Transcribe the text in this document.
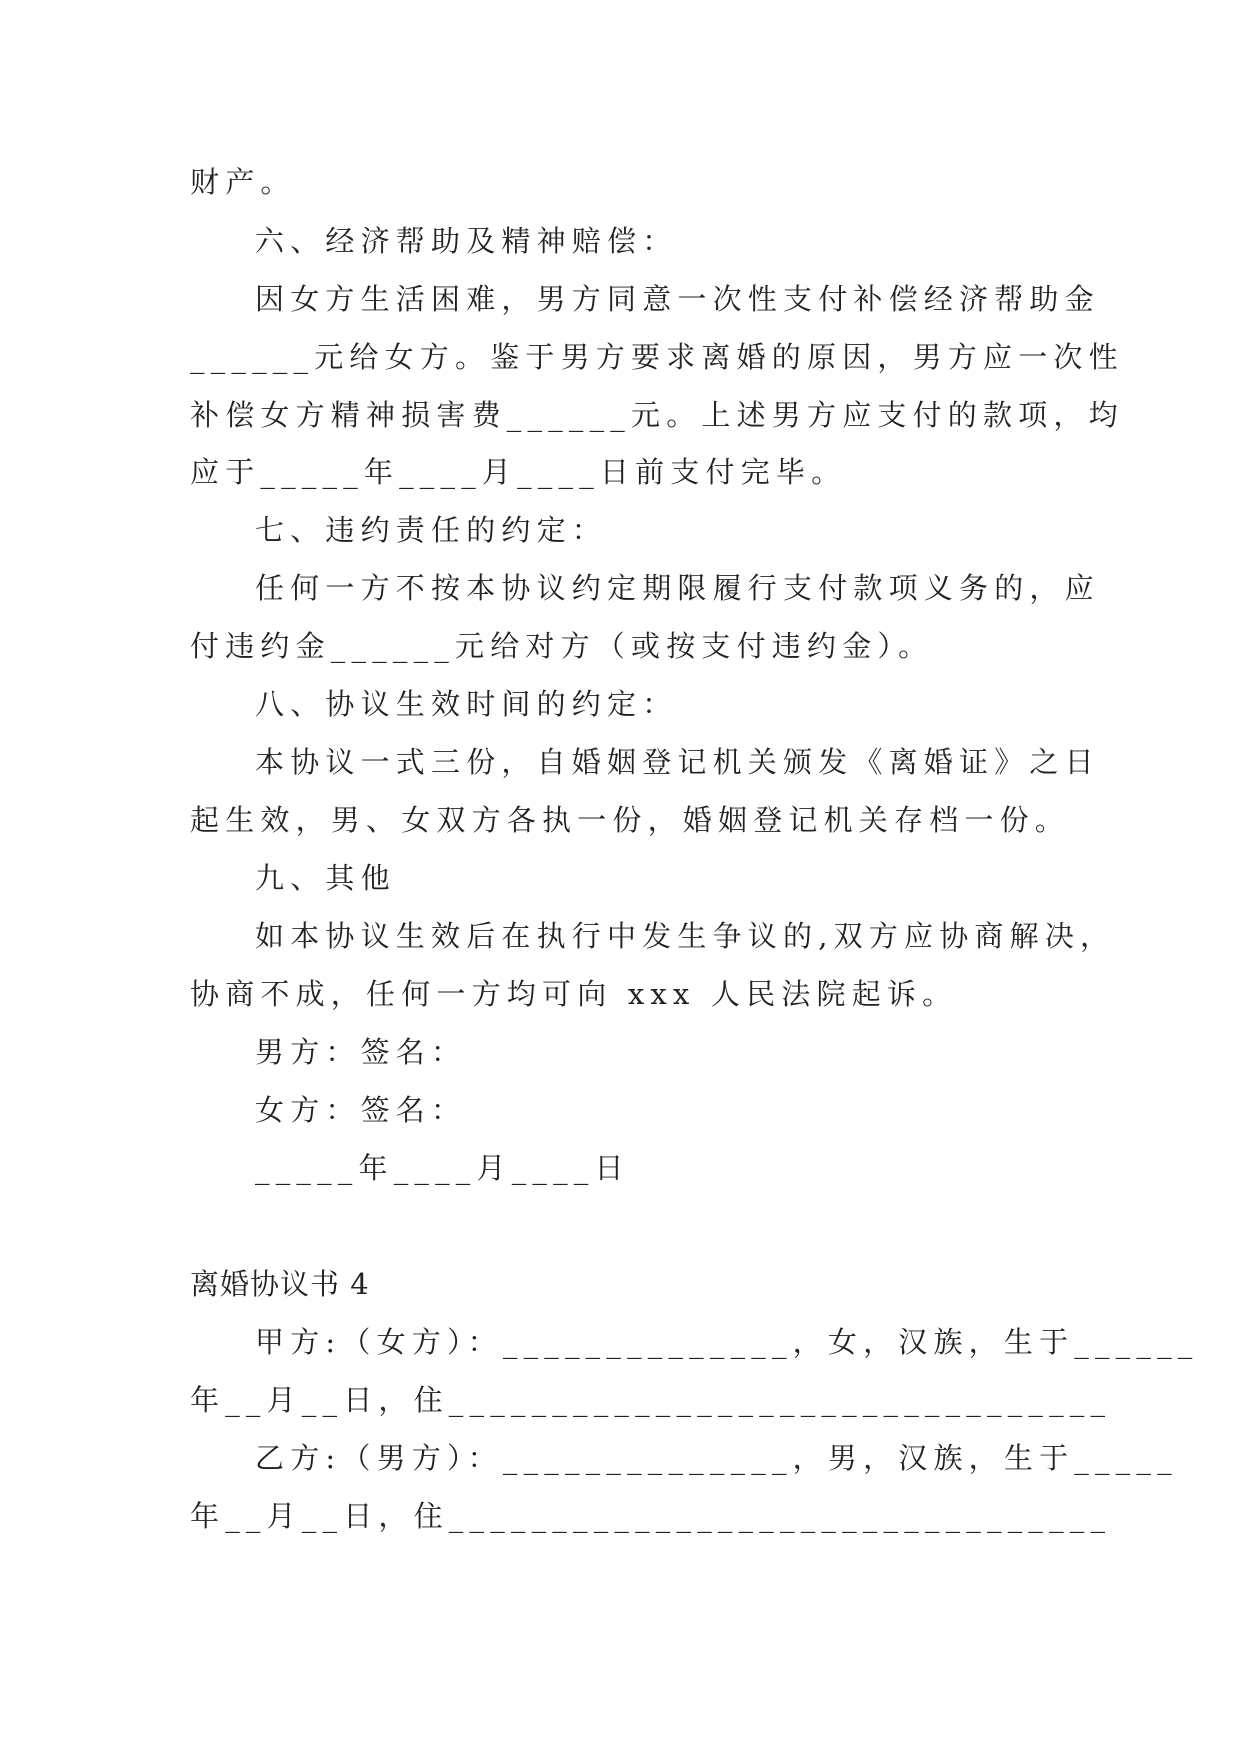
财产。
六、经济帮助及精神赔偿：
因女方生活困难，男方同意一次性支付补偿经济帮助金
______元给女方。鉴于男方要求离婚的原因，男方应一次性
补偿女方精神损害费______元。上述男方应支付的款项，均
应于_____年____月____日前支付完毕。
七、违约责任的约定：
任何一方不按本协议约定期限履行支付款项义务的，应
付违约金______元给对方（或按支付违约金）。
八、协议生效时间的约定：
本协议一式三份，自婚姻登记机关颁发《离婚证》之日
起生效，男、女双方各执一份，婚姻登记机关存档一份。
九、其他
如本协议生效后在执行中发生争议的,双方应协商解决，
协商不成，任何一方均可向 xxx 人民法院起诉。
男方：签名：
女方：签名：
_____年____月____日
离婚协议书 4
甲方:（女方）：______________，女，汉族，生于______
年__月__日，住________________________________
乙方:（男方）：______________，男，汉族，生于_____
年__月__日，住________________________________
